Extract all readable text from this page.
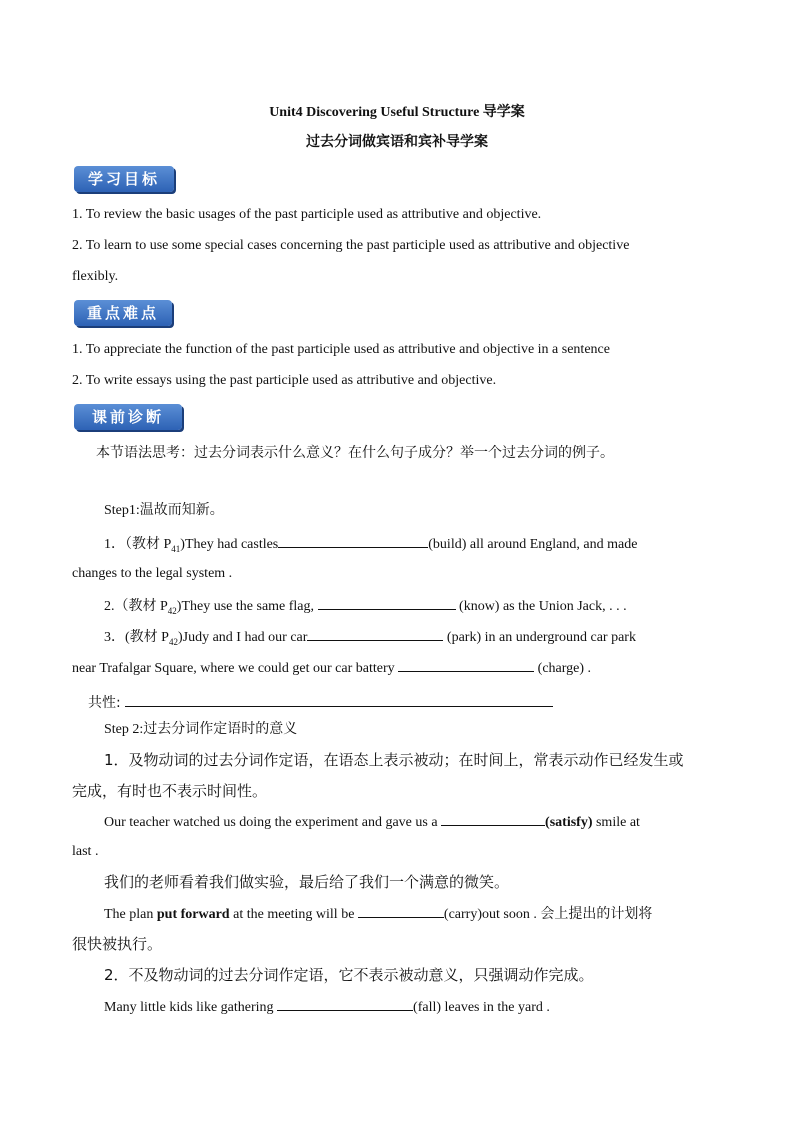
Unit4 Discovering Useful Structure 导学案
过去分词做宾语和宾补导学案
学习目标
1. To review the basic usages of the past participle used as attributive and objective.
2. To learn to use some special cases concerning the past participle used as attributive and objective
flexibly.
重点难点
1. To appreciate the function of the past participle used as attributive and objective in a sentence
2. To write essays using the past participle used as attributive and objective.
课前诊断
本节语法思考：过去分词表示什么意义？在什么句子成分？举一个过去分词的例子。
Step1:温故而知新。
1．（教材 $P_{41})They$ had castles	(build) all around England, and made
changes to the legal system .
2.（教材 $P_{42})They$ use the same flag,	(know) as the Union Jack, . . .
3．(教材 $P_{42})Judy$ and I had our car	(park) in an underground car park
near Trafalgar Square, where we could get our car battery	(charge) .
共性:
Step 2:过去分词作定语时的意义
1．及物动词的过去分词作定语，在语态上表示被动；在时间上，常表示动作已经发生或
完成，有时也不表示时间性。
Our teacher watched us doing the experiment and gave us a	(satisfy) smile at
last .
我们的老师看着我们做实验，最后给了我们一个满意的微笑。
The plan put forward at the meeting will be	(carry)out soon . 会上提出的计划将
很快被执行。
2．不及物动词的过去分词作定语，它不表示被动意义，只强调动作完成。
Many little kids like gathering	(fall) leaves in the yard .
